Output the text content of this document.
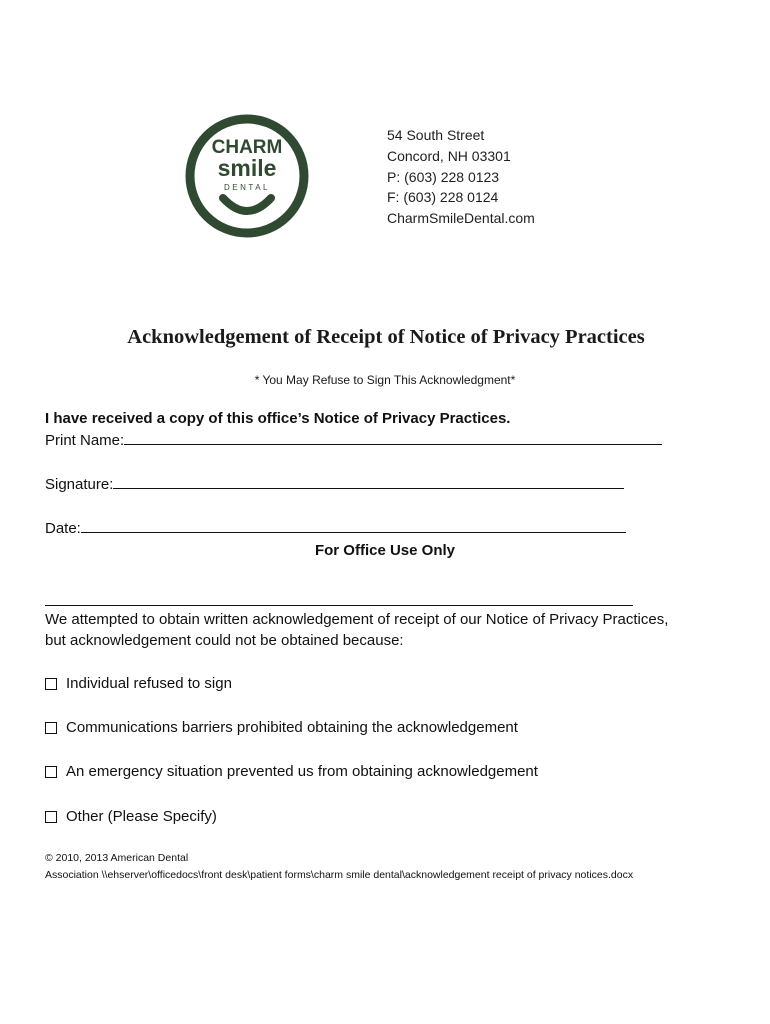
CHARM
smile
DENTAL
54 South Street
Concord, NH 03301
P: (603) 228 0123
F: (603) 228 0124
CharmSmileDental.com
Acknowledgement of Receipt of Notice of Privacy Practices
* You May Refuse to Sign This Acknowledgment*
I have received a copy of this office’s Notice of Privacy Practices.
Print Name:
Signature:
Date:
For Office Use Only
We attempted to obtain written acknowledgement of receipt of our Notice of Privacy Practices, but acknowledgement could not be obtained because:
Individual refused to sign
Communications barriers prohibited obtaining the acknowledgement
An emergency situation prevented us from obtaining acknowledgement
Other (Please Specify)
© 2010, 2013 American Dental
Association \\ehserver\officedocs\front desk\patient forms\charm smile dental\acknowledgement receipt of privacy notices.docx
